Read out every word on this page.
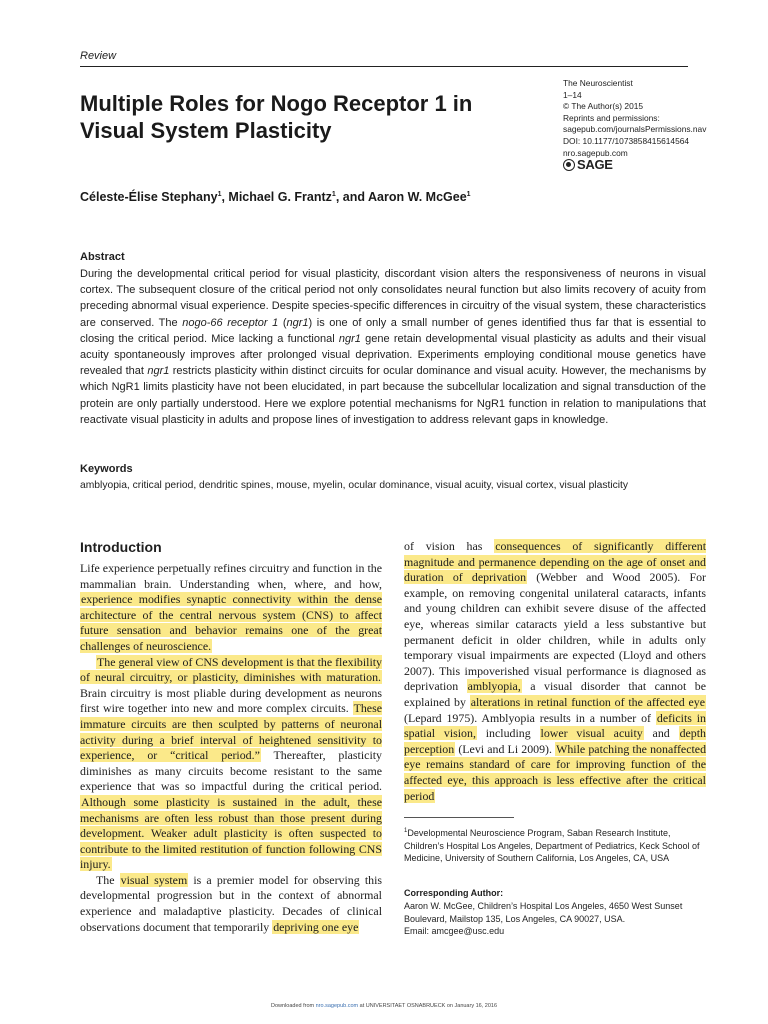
Review
Multiple Roles for Nogo Receptor 1 in Visual System Plasticity
The Neuroscientist
1–14
© The Author(s) 2015
Reprints and permissions:
sagepub.com/journalsPermissions.nav
DOI: 10.1177/1073858415614564
nro.sagepub.com
SAGE
Céleste-Élise Stephany$^1$, Michael G. Frantz$^1$, and Aaron W. McGee$^1$
Abstract
During the developmental critical period for visual plasticity, discordant vision alters the responsiveness of neurons in visual cortex. The subsequent closure of the critical period not only consolidates neural function but also limits recovery of acuity from preceding abnormal visual experience. Despite species-specific differences in circuitry of the visual system, these characteristics are conserved. The nogo-66 receptor 1 (ngr1) is one of only a small number of genes identified thus far that is essential to closing the critical period. Mice lacking a functional ngr1 gene retain developmental visual plasticity as adults and their visual acuity spontaneously improves after prolonged visual deprivation. Experiments employing conditional mouse genetics have revealed that ngr1 restricts plasticity within distinct circuits for ocular dominance and visual acuity. However, the mechanisms by which NgR1 limits plasticity have not been elucidated, in part because the subcellular localization and signal transduction of the protein are only partially understood. Here we explore potential mechanisms for NgR1 function in relation to manipulations that reactivate visual plasticity in adults and propose lines of investigation to address relevant gaps in knowledge.
Keywords
amblyopia, critical period, dendritic spines, mouse, myelin, ocular dominance, visual acuity, visual cortex, visual plasticity
Introduction

Life experience perpetually refines circuitry and function in the mammalian brain. Understanding when, where, and how, experience modifies synaptic connectivity within the dense architecture of the central nervous system (CNS) to affect future sensation and behavior remains one of the great challenges of neuroscience.

The general view of CNS development is that the flexibility of neural circuitry, or plasticity, diminishes with maturation. Brain circuitry is most pliable during development as neurons first wire together into new and more complex circuits. These immature circuits are then sculpted by patterns of neuronal activity during a brief interval of heightened sensitivity to experience, or “critical period.” Thereafter, plasticity diminishes as many circuits become resistant to the same experience that was so impactful during the critical period. Although some plasticity is sustained in the adult, these mechanisms are often less robust than those present during development. Weaker adult plasticity is often suspected to contribute to the limited restitution of function following CNS injury.

The visual system is a premier model for observing this developmental progression but in the context of abnormal experience and maladaptive plasticity. Decades of clinical observations document that temporarily depriving one eye

of vision has consequences of significantly different magnitude and permanence depending on the age of onset and duration of deprivation (Webber and Wood 2005). For example, on removing congenital unilateral cataracts, infants and young children can exhibit severe disuse of the affected eye, whereas similar cataracts yield a less substantive but permanent deficit in older children, while in adults only temporary visual impairments are expected (Lloyd and others 2007). This impoverished visual performance is diagnosed as deprivation amblyopia, a visual disorder that cannot be explained by alterations in retinal function of the affected eye (Lepard 1975). Amblyopia results in a number of deficits in spatial vision, including lower visual acuity and depth perception (Levi and Li 2009). While patching the nonaffected eye remains standard of care for improving function of the affected eye, this approach is less effective after the critical period

$^1$Developmental Neuroscience Program, Saban Research Institute, Children’s Hospital Los Angeles, Department of Pediatrics, Keck School of Medicine, University of Southern California, Los Angeles, CA, USA
Corresponding Author:
Aaron W. McGee, Children’s Hospital Los Angeles, 4650 West Sunset Boulevard, Mailstop 135, Los Angeles, CA 90027, USA.
Email: amcgee@usc.edu
Downloaded from nro.sagepub.com at UNIVERSITAET OSNABRUECK on January 16, 2016
